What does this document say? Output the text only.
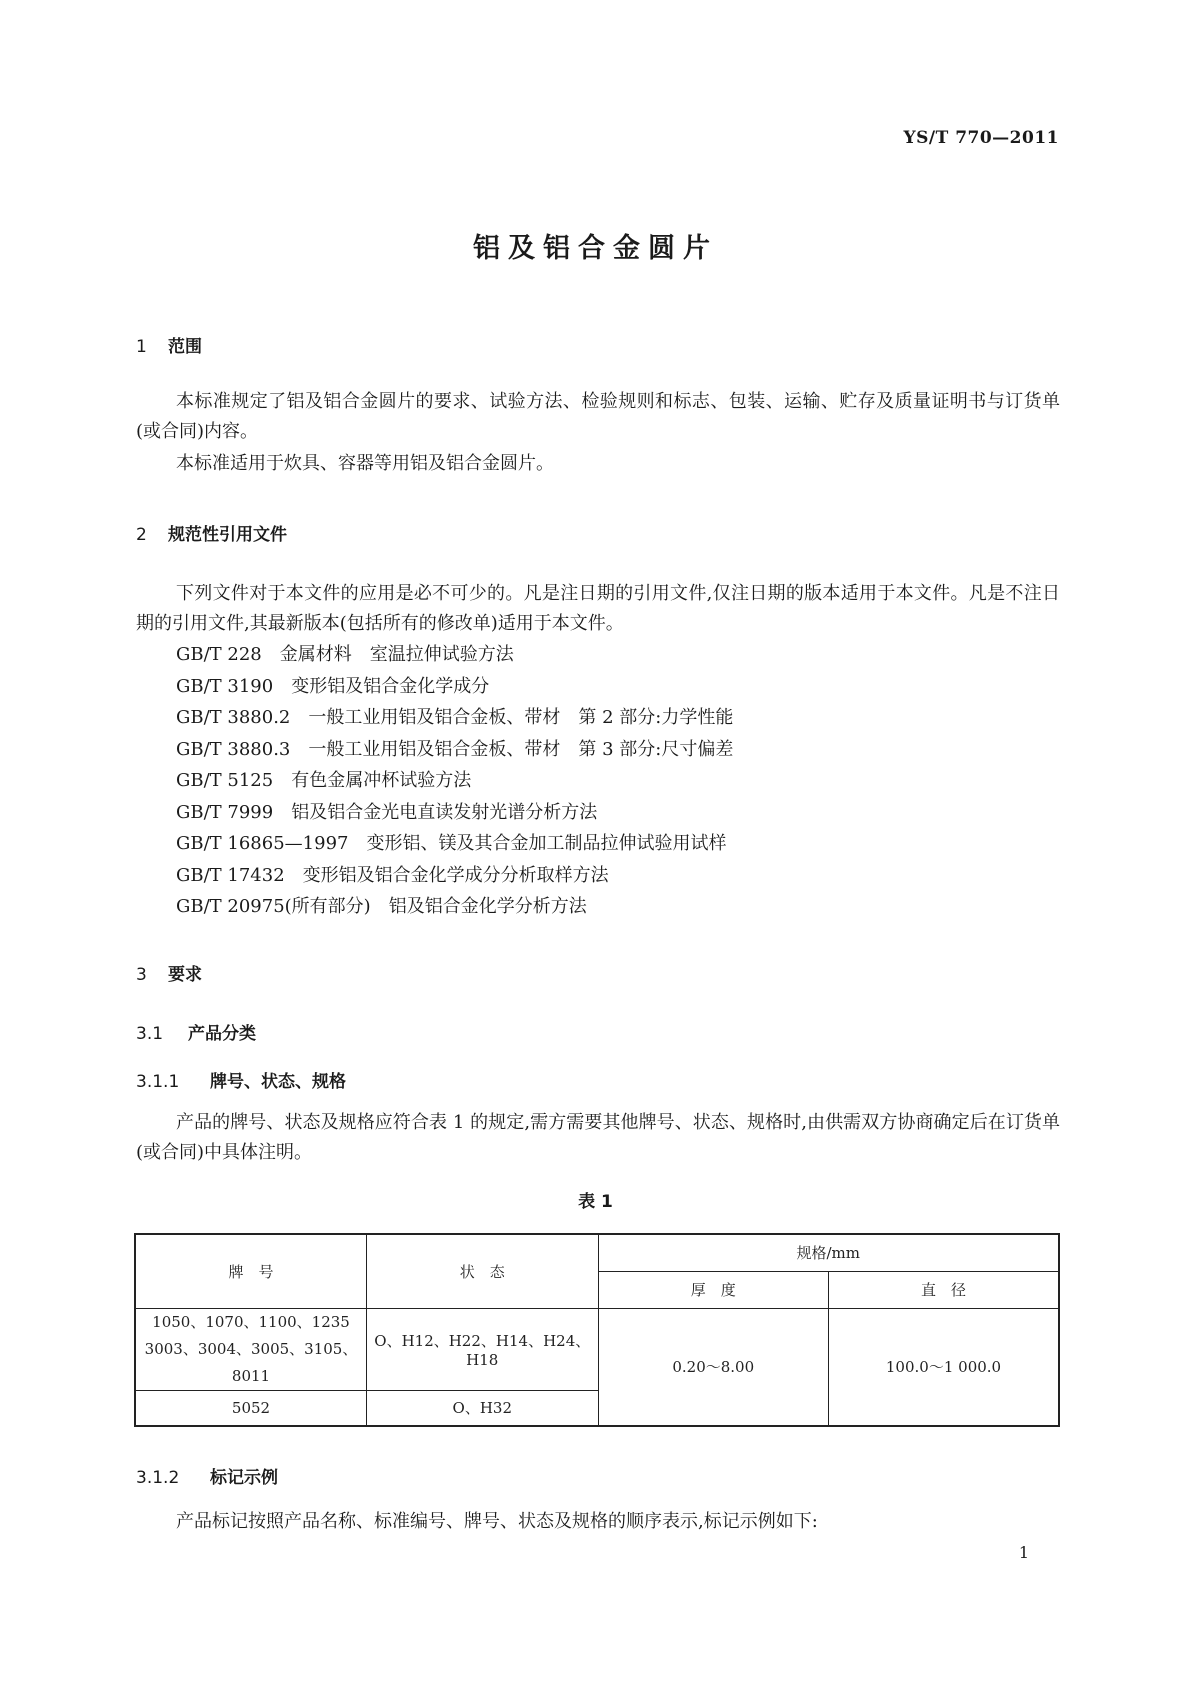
YS/T 770—2011
铝及铝合金圆片
1 范围

本标准规定了铝及铝合金圆片的要求、试验方法、检验规则和标志、包装、运输、贮存及质量证明书与订货单(或合同)内容。

本标准适用于炊具、容器等用铝及铝合金圆片。

2 规范性引用文件

下列文件对于本文件的应用是必不可少的。凡是注日期的引用文件,仅注日期的版本适用于本文件。凡是不注日期的引用文件,其最新版本(包括所有的修改单)适用于本文件。

GB/T 228 金属材料　室温拉伸试验方法
GB/T 3190 变形铝及铝合金化学成分
GB/T 3880.2 一般工业用铝及铝合金板、带材　第 2 部分:力学性能
GB/T 3880.3 一般工业用铝及铝合金板、带材　第 3 部分:尺寸偏差
GB/T 5125 有色金属冲杯试验方法
GB/T 7999 铝及铝合金光电直读发射光谱分析方法
GB/T 16865—1997 变形铝、镁及其合金加工制品拉伸试验用试样
GB/T 17432 变形铝及铝合金化学成分分析取样方法
GB/T 20975(所有部分) 铝及铝合金化学分析方法
3 要求
3.1 产品分类
3.1.1 牌号、状态、规格

产品的牌号、状态及规格应符合表 1 的规定,需方需要其他牌号、状态、规格时,由供需双方协商确定后在订货单(或合同)中具体注明。

表 1
牌　号	状　态	规格/mm	
		厚　度	直　径

1050、1070、1100、1235
3003、3004、3005、3105、8011	O、H12、H22、H14、H24、H18	0.20～8.00	100.0～1 000.0
5052	O、H32		
3.1.2 标记示例

产品标记按照产品名称、标准编号、牌号、状态及规格的顺序表示,标记示例如下:

1
